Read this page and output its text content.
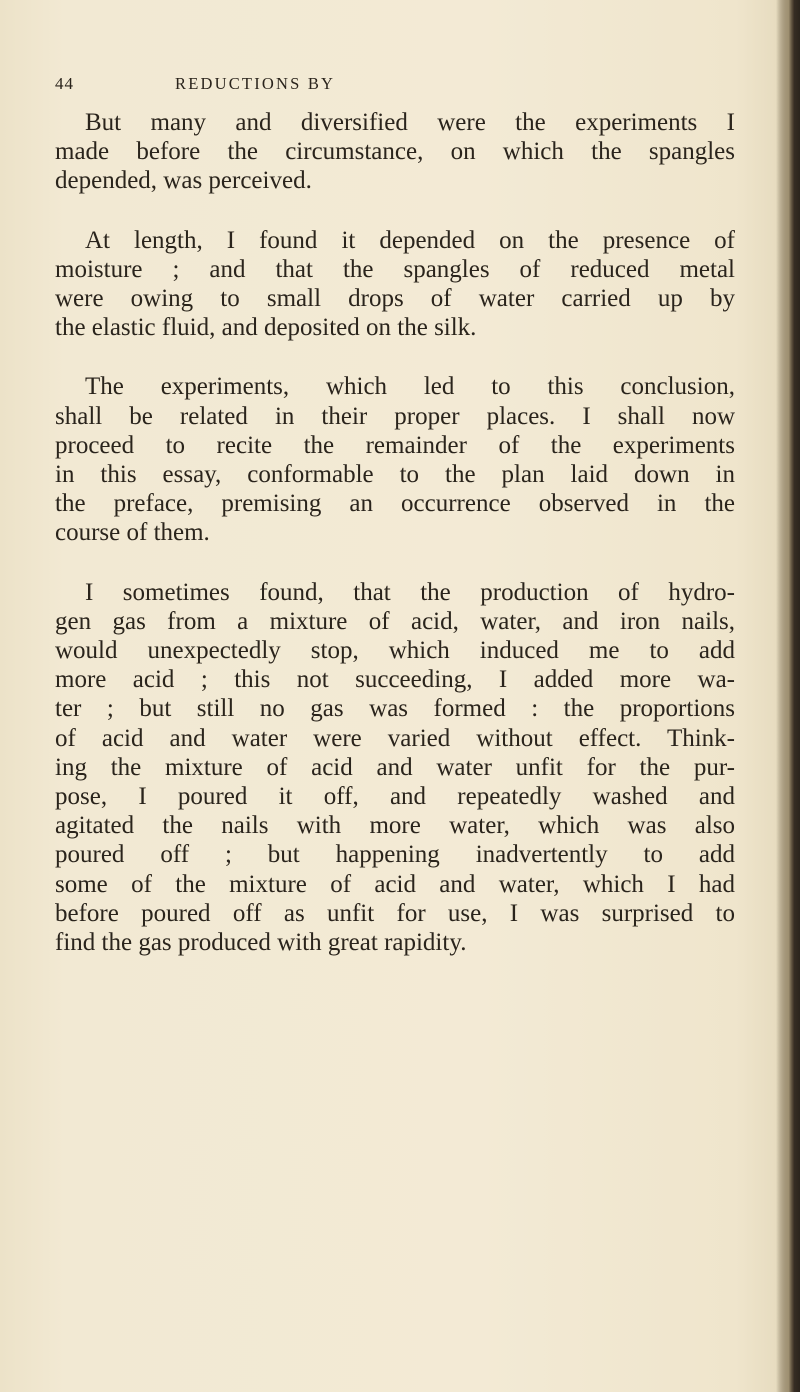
44	REDUCTIONS BY

But many and diversified were the experiments I
made before the circumstance, on which the spangles
depended, was perceived.

At length, I found it depended on the presence of
moisture ; and that the spangles of reduced metal
were owing to small drops of water carried up by
the elastic fluid, and deposited on the silk.

The experiments, which led to this conclusion,
shall be related in their proper places. I shall now
proceed to recite the remainder of the experiments
in this essay, conformable to the plan laid down in
the preface, premising an occurrence observed in the
course of them.

I sometimes found, that the production of hydro-
gen gas from a mixture of acid, water, and iron nails,
would unexpectedly stop, which induced me to add
more acid ; this not succeeding, I added more wa-
ter ; but still no gas was formed : the proportions
of acid and water were varied without effect. Think-
ing the mixture of acid and water unfit for the pur-
pose, I poured it off, and repeatedly washed and
agitated the nails with more water, which was also
poured off ; but happening inadvertently to add
some of the mixture of acid and water, which I had
before poured off as unfit for use, I was surprised to
find the gas produced with great rapidity.
